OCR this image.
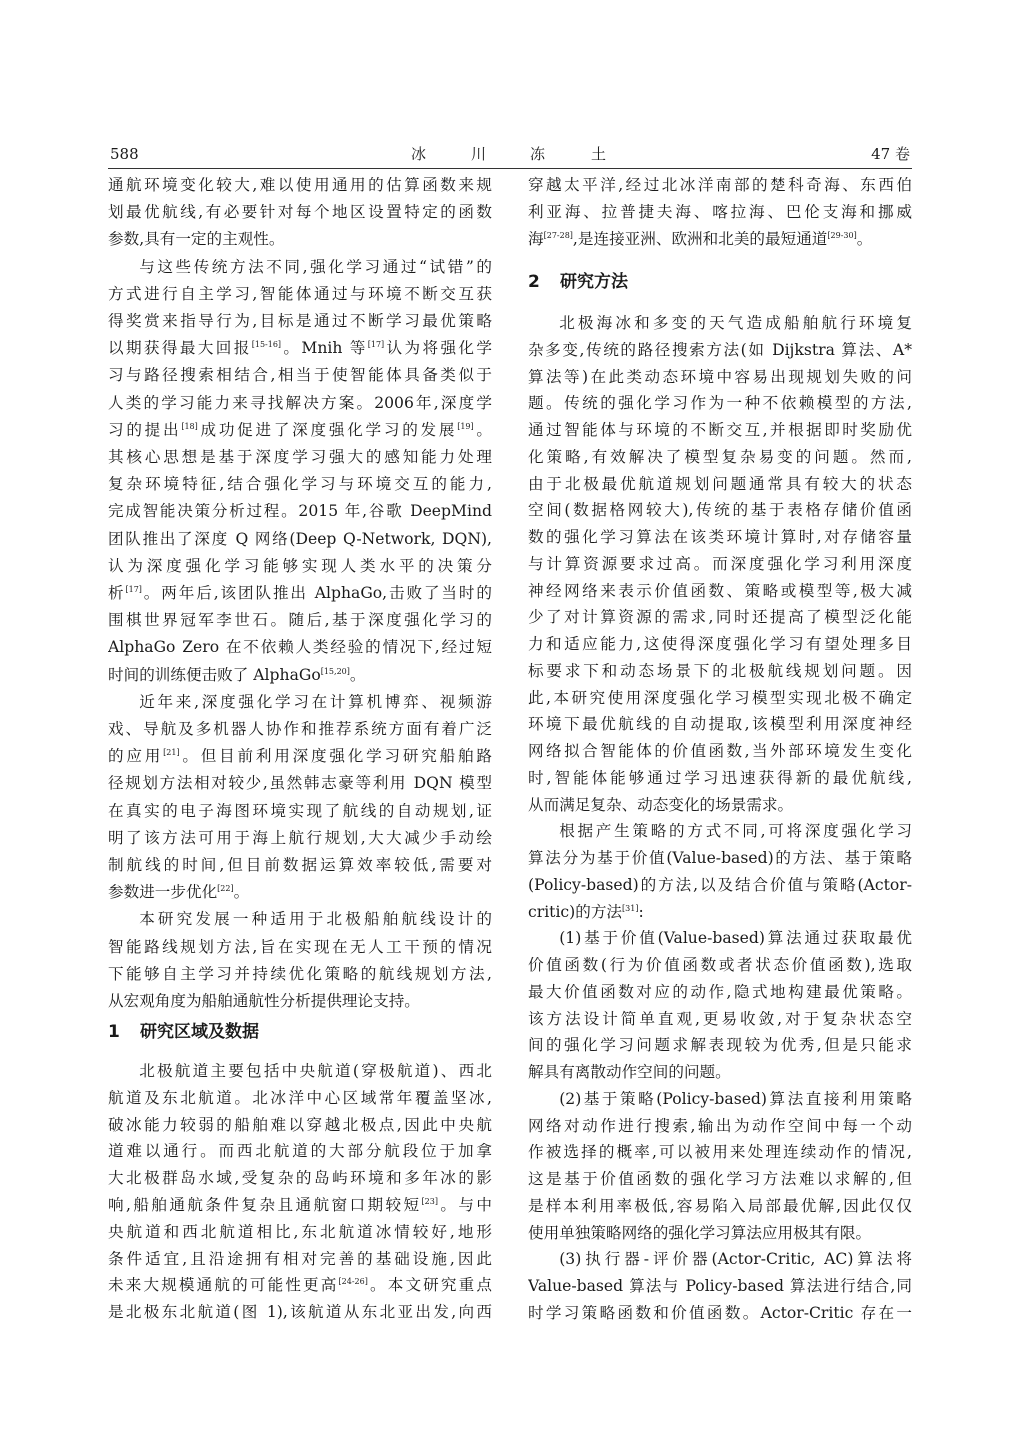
588	冰	川	冻	土	47 卷
通航环境变化较大,难以使用通用的估算函数来规
划最优航线,有必要针对每个地区设置特定的函数
参数,具有一定的主观性。
与这些传统方法不同,强化学习通过“试错”的
方式进行自主学习,智能体通过与环境不断交互获
得奖赏来指导行为,目标是通过不断学习最优策略
以期获得最大回报[15-16]。Mnih 等[17]认为将强化学
习与路径搜索相结合,相当于使智能体具备类似于
人类的学习能力来寻找解决方案。2006年,深度学
习的提出[18]成功促进了深度强化学习的发展[19]。
其核心思想是基于深度学习强大的感知能力处理
复杂环境特征,结合强化学习与环境交互的能力,
完成智能决策分析过程。2015 年,谷歌 DeepMind
团队推出了深度 Q 网络(Deep Q-Network, DQN),
认为深度强化学习能够实现人类水平的决策分
析[17]。两年后,该团队推出 AlphaGo,击败了当时的
围棋世界冠军李世石。随后,基于深度强化学习的
AlphaGo Zero 在不依赖人类经验的情况下,经过短
时间的训练便击败了 AlphaGo[15,20]。
近年来,深度强化学习在计算机博弈、视频游
戏、导航及多机器人协作和推荐系统方面有着广泛
的应用[21]。但目前利用深度强化学习研究船舶路
径规划方法相对较少,虽然韩志豪等利用 DQN 模型
在真实的电子海图环境实现了航线的自动规划,证
明了该方法可用于海上航行规划,大大减少手动绘
制航线的时间,但目前数据运算效率较低,需要对
参数进一步优化[22]。
本研究发展一种适用于北极船舶航线设计的
智能路线规划方法,旨在实现在无人工干预的情况
下能够自主学习并持续优化策略的航线规划方法,
从宏观角度为船舶通航性分析提供理论支持。
1 研究区域及数据
北极航道主要包括中央航道(穿极航道)、西北
航道及东北航道。北冰洋中心区域常年覆盖坚冰,
破冰能力较弱的船舶难以穿越北极点,因此中央航
道难以通行。而西北航道的大部分航段位于加拿
大北极群岛水域,受复杂的岛屿环境和多年冰的影
响,船舶通航条件复杂且通航窗口期较短[23]。与中
央航道和西北航道相比,东北航道冰情较好,地形
条件适宜,且沿途拥有相对完善的基础设施,因此
未来大规模通航的可能性更高[24-26]。本文研究重点
是北极东北航道(图 1),该航道从东北亚出发,向西
穿越太平洋,经过北冰洋南部的楚科奇海、东西伯
利亚海、拉普捷夫海、喀拉海、巴伦支海和挪威
海[27-28],是连接亚洲、欧洲和北美的最短通道[29-30]。
2 研究方法
北极海冰和多变的天气造成船舶航行环境复
杂多变,传统的路径搜索方法(如 Dijkstra 算法、A*
算法等)在此类动态环境中容易出现规划失败的问
题。传统的强化学习作为一种不依赖模型的方法,
通过智能体与环境的不断交互,并根据即时奖励优
化策略,有效解决了模型复杂易变的问题。然而,
由于北极最优航道规划问题通常具有较大的状态
空间(数据格网较大),传统的基于表格存储价值函
数的强化学习算法在该类环境计算时,对存储容量
与计算资源要求过高。而深度强化学习利用深度
神经网络来表示价值函数、策略或模型等,极大减
少了对计算资源的需求,同时还提高了模型泛化能
力和适应能力,这使得深度强化学习有望处理多目
标要求下和动态场景下的北极航线规划问题。因
此,本研究使用深度强化学习模型实现北极不确定
环境下最优航线的自动提取,该模型利用深度神经
网络拟合智能体的价值函数,当外部环境发生变化
时,智能体能够通过学习迅速获得新的最优航线,
从而满足复杂、动态变化的场景需求。
根据产生策略的方式不同,可将深度强化学习
算法分为基于价值(Value-based)的方法、基于策略
(Policy-based)的方法,以及结合价值与策略(Actor-
critic)的方法[31]:
(1)基于价值(Value-based)算法通过获取最优
价值函数(行为价值函数或者状态价值函数),选取
最大价值函数对应的动作,隐式地构建最优策略。
该方法设计简单直观,更易收敛,对于复杂状态空
间的强化学习问题求解表现较为优秀,但是只能求
解具有离散动作空间的问题。
(2)基于策略(Policy-based)算法直接利用策略
网络对动作进行搜索,输出为动作空间中每一个动
作被选择的概率,可以被用来处理连续动作的情况,
这是基于价值函数的强化学习方法难以求解的,但
是样本利用率极低,容易陷入局部最优解,因此仅仅
使用单独策略网络的强化学习算法应用极其有限。
(3)执行器-评价器(Actor-Critic, AC)算法将
Value-based 算法与 Policy-based 算法进行结合,同
时学习策略函数和价值函数。Actor-Critic 存在一
